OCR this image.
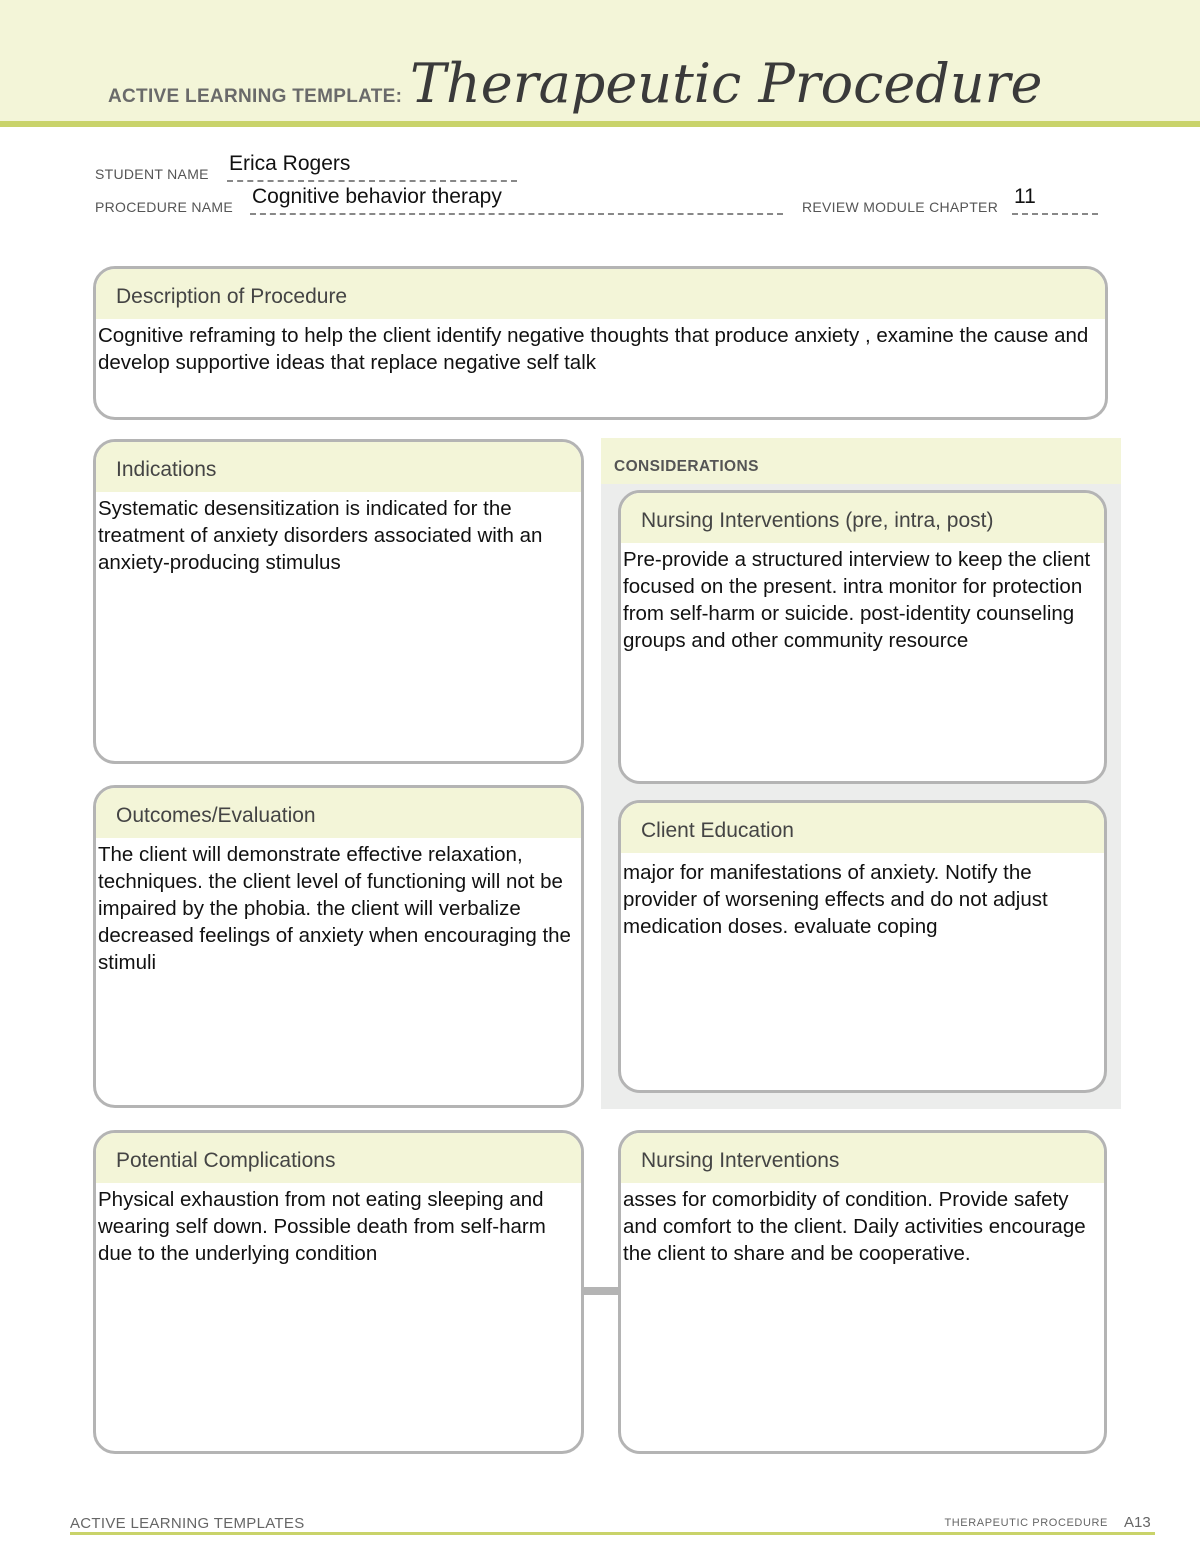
ACTIVE LEARNING TEMPLATE: Therapeutic Procedure
STUDENT NAME Erica Rogers
PROCEDURE NAME Cognitive behavior therapy	REVIEW MODULE CHAPTER 11
Description of Procedure
Cognitive reframing to help the client identify negative thoughts that produce anxiety , examine the cause and develop supportive ideas that replace negative self talk
CONSIDERATIONS
Indications
Systematic desensitization is indicated for the treatment of anxiety disorders associated with an anxiety-producing stimulus
Nursing Interventions (pre, intra, post)
Pre-provide a structured interview to keep the client focused on the present. intra monitor for protection from self-harm or suicide. post-identity counseling groups and other community resource
Outcomes/Evaluation
The client will demonstrate effective relaxation, techniques. the client level of functioning will not be impaired by the phobia. the client will verbalize decreased feelings of anxiety when encouraging the stimuli
Client Education
major for manifestations of anxiety. Notify the provider of worsening effects and do not adjust medication doses. evaluate coping
Potential Complications
Physical exhaustion from not eating sleeping and wearing self down. Possible death from self-harm due to the underlying condition
Nursing Interventions
asses for comorbidity of condition. Provide safety and comfort to the client. Daily activities encourage the client to share and be cooperative.
ACTIVE LEARNING TEMPLATES	THERAPEUTIC PROCEDURE A13
